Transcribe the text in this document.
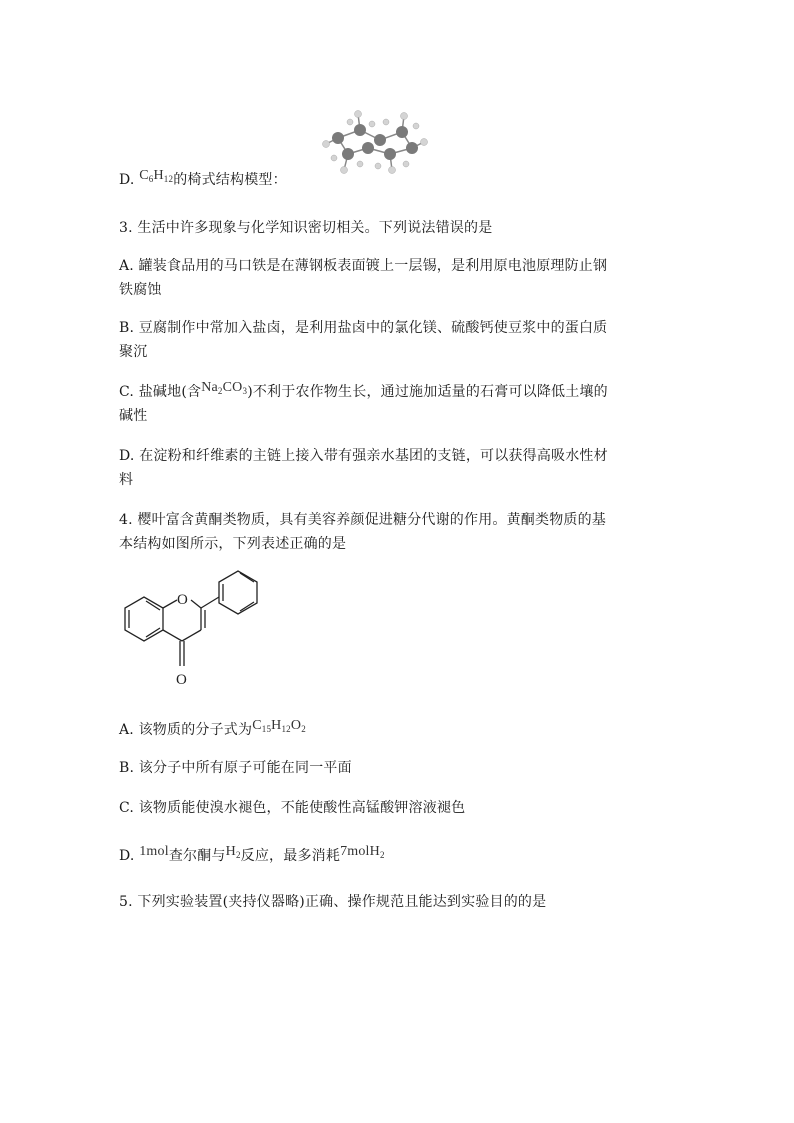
D. $C_6H_{12}$的椅式结构模型：
3. 生活中许多现象与化学知识密切相关。下列说法错误的是
A. 罐装食品用的马口铁是在薄钢板表面镀上一层锡，是利用原电池原理防止钢
铁腐蚀
B. 豆腐制作中常加入盐卤，是利用盐卤中的氯化镁、硫酸钙使豆浆中的蛋白质
聚沉
C. 盐碱地(含$Na_2CO_3$)不利于农作物生长，通过施加适量的石膏可以降低土壤的
碱性
D. 在淀粉和纤维素的主链上接入带有强亲水基团的支链，可以获得高吸水性材
料
4. 樱叶富含黄酮类物质，具有美容养颜促进糖分代谢的作用。黄酮类物质的基
本结构如图所示，下列表述正确的是
O
O
A. 该物质的分子式为$C_{15}H_{12}O_2$
B. 该分子中所有原子可能在同一平面
C. 该物质能使溴水褪色，不能使酸性高锰酸钾溶液褪色
D. 1mol查尔酮与$H_2$反应，最多消耗7molH$_2$
5. 下列实验装置(夹持仪器略)正确、操作规范且能达到实验目的的是
